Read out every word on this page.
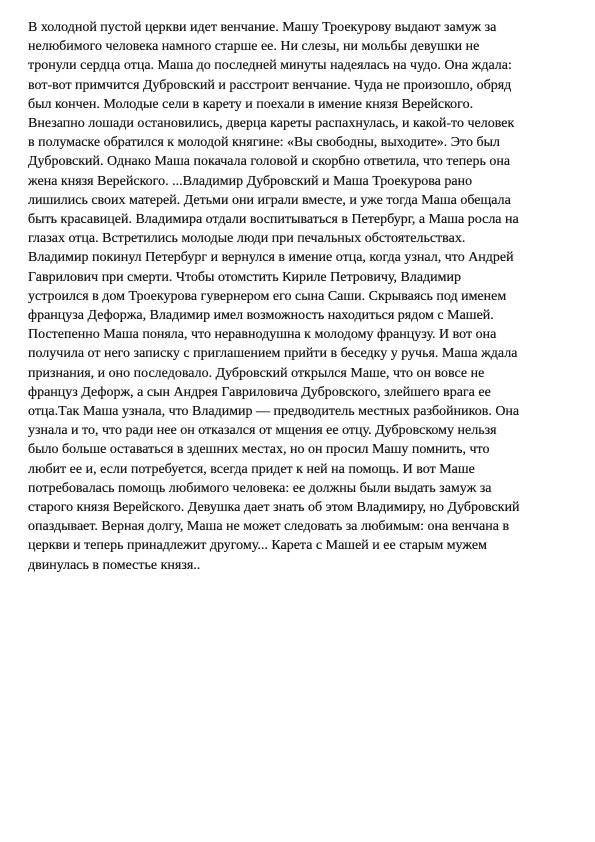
В холодной пустой церкви идет венчание. Машу Троекурову выдают замуж за
нелюбимого человека намного старше ее. Ни слезы, ни мольбы девушки не
тронули сердца отца. Маша до последней минуты надеялась на чудо. Она ждала:
вот-вот примчится Дубровский и расстроит венчание. Чуда не произошло, обряд
был кончен. Молодые сели в карету и поехали в имение князя Верейского.
Внезапно лошади остановились, дверца кареты распахнулась, и какой-то человек
в полумаске обратился к молодой княгине: «Вы свободны, выходите». Это был
Дубровский. Однако Маша покачала головой и скорбно ответила, что теперь она
жена князя Верейского. ...Владимир Дубровский и Маша Троекурова рано
лишились своих матерей. Детьми они играли вместе, и уже тогда Маша обещала
быть красавицей. Владимира отдали воспитываться в Петербург, а Маша росла на
глазах отца. Встретились молодые люди при печальных обстоятельствах.
Владимир покинул Петербург и вернулся в имение отца, когда узнал, что Андрей
Гаврилович при смерти. Чтобы отомстить Кириле Петровичу, Владимир
устроился в дом Троекурова гувернером его сына Саши. Скрываясь под именем
француза Дефоржа, Владимир имел возможность находиться рядом с Машей.
Постепенно Маша поняла, что неравнодушна к молодому французу. И вот она
получила от него записку с приглашением прийти в беседку у ручья. Маша ждала
признания, и оно последовало. Дубровский открылся Маше, что он вовсе не
француз Дефорж, а сын Андрея Гавриловича Дубровского, злейшего врага ее
отца.Так Маша узнала, что Владимир — предводитель местных разбойников. Она
узнала и то, что ради нее он отказался от мщения ее отцу. Дубровскому нельзя
было больше оставаться в здешних местах, но он просил Машу помнить, что
любит ее и, если потребуется, всегда придет к ней на помощь. И вот Маше
потребовалась помощь любимого человека: ее должны были выдать замуж за
старого князя Верейского. Девушка дает знать об этом Владимиру, но Дубровский
опаздывает. Верная долгу, Маша не может следовать за любимым: она венчана в
церкви и теперь принадлежит другому... Карета с Машей и ее старым мужем
двинулась в поместье князя..
